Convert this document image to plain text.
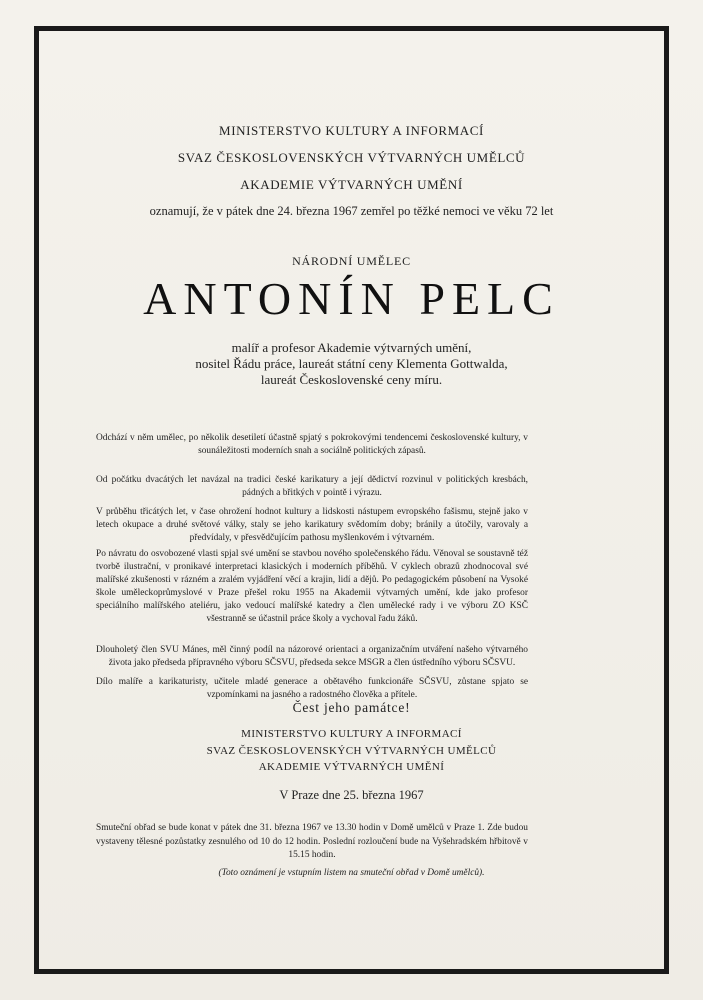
MINISTERSTVO KULTURY A INFORMACÍ
SVAZ ČESKOSLOVENSKÝCH VÝTVARNÝCH UMĚLCŮ
AKADEMIE VÝTVARNÝCH UMĚNÍ
oznamují, že v pátek dne 24. března 1967 zemřel po těžké nemoci ve věku 72 let
NÁRODNÍ UMĚLEC
ANTONÍN PELC
malíř a profesor Akademie výtvarných umění,
nositel Řádu práce, laureát státní ceny Klementa Gottwalda,
laureát Československé ceny míru.
Odchází v něm umělec, po několik desetiletí účastně spjatý s pokrokovými tendencemi československé kultury, v sounáležitosti moderních snah a sociálně politických zápasů.
Od počátku dvacátých let navázal na tradici české karikatury a její dědictví rozvinul v politických kresbách, pádných a břitkých v pointě i výrazu.
V průběhu třicátých let, v čase ohrožení hodnot kultury a lidskosti nástupem evropského fašismu, stejně jako v letech okupace a druhé světové války, staly se jeho karikatury svědomím doby; bránily a útočily, varovaly a předvídaly, v přesvědčujícím pathosu myšlenkovém i výtvarném.
Po návratu do osvobozené vlasti spjal své umění se stavbou nového společenského řádu. Věnoval se soustavně též tvorbě ilustrační, v pronikavé interpretaci klasických i moderních příběhů. V cyklech obrazů zhodnocoval své malířské zkušenosti v rázném a zralém vyjádření věcí a krajin, lidí a dějů. Po pedagogickém působení na Vysoké škole uměleckoprůmyslové v Praze přešel roku 1955 na Akademii výtvarných umění, kde jako profesor speciálního malířského ateliéru, jako vedoucí malířské katedry a člen umělecké rady i ve výboru ZO KSČ všestranně se účastnil práce školy a vychoval řadu žáků.
Dlouholetý člen SVU Mánes, měl činný podíl na názorové orientaci a organizačním utváření našeho výtvarného života jako předseda přípravného výboru SČSVU, předseda sekce MSGR a člen ústředního výboru SČSVU.
Dílo malíře a karikaturisty, učitele mladé generace a obětavého funkcionáře SČSVU, zůstane spjato se vzpomínkami na jasného a radostného člověka a přítele.
Čest jeho památce!
MINISTERSTVO KULTURY A INFORMACÍ
SVAZ ČESKOSLOVENSKÝCH VÝTVARNÝCH UMĚLCŮ
AKADEMIE VÝTVARNÝCH UMĚNÍ
V Praze dne 25. března 1967
Smuteční obřad se bude konat v pátek dne 31. března 1967 ve 13.30 hodin v Domě umělců v Praze 1. Zde budou vystaveny tělesné pozůstatky zesnulého od 10 do 12 hodin. Poslední rozloučení bude na Vyšehradském hřbitově v 15.15 hodin.
(Toto oznámení je vstupním listem na smuteční obřad v Domě umělců).
